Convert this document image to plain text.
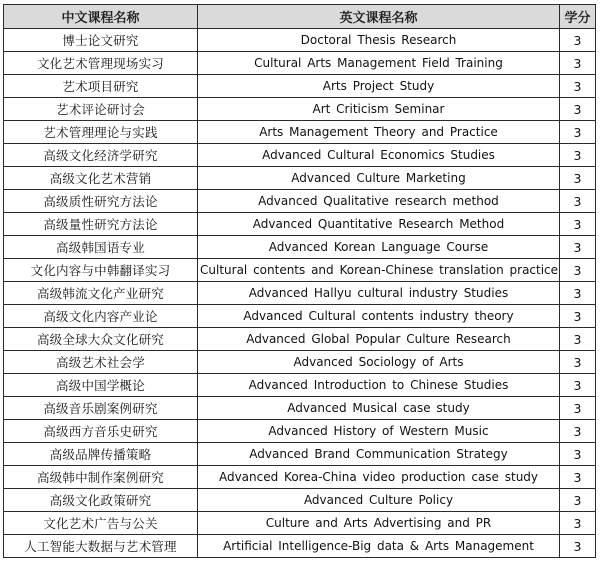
中文课程名称	英文课程名称	学分
博士论文研究	Doctoral Thesis Research	3
文化艺术管理现场实习	Cultural Arts Management Field Training	3
艺术项目研究	Arts Project Study	3
艺术评论研讨会	Art Criticism Seminar	3
艺术管理理论与实践	Arts Management Theory and Practice	3
高级文化经济学研究	Advanced Cultural Economics Studies	3
高级文化艺术营销	Advanced Culture Marketing	3
高级质性研究方法论	Advanced Qualitative research method	3
高级量性研究方法论	Advanced Quantitative Research Method	3
高级韩国语专业	Advanced Korean Language Course	3
文化内容与中韩翻译实习	Cultural contents and Korean-Chinese translation practice	3
高级韩流文化产业研究	Advanced Hallyu cultural industry Studies	3
高级文化内容产业论	Advanced Cultural contents industry theory	3
高级全球大众文化研究	Advanced Global Popular Culture Research	3
高级艺术社会学	Advanced Sociology of Arts	3
高级中国学概论	Advanced Introduction to Chinese Studies	3
高级音乐剧案例研究	Advanced Musical case study	3
高级西方音乐史研究	Advanced History of Western Music	3
高级品牌传播策略	Advanced Brand Communication Strategy	3
高级韩中制作案例研究	Advanced Korea-China video production case study	3
高级文化政策研究	Advanced Culture Policy	3
文化艺术广告与公关	Culture and Arts Advertising and PR	3
人工智能大数据与艺术管理	Artificial Intelligence-Big data & Arts Management	3
